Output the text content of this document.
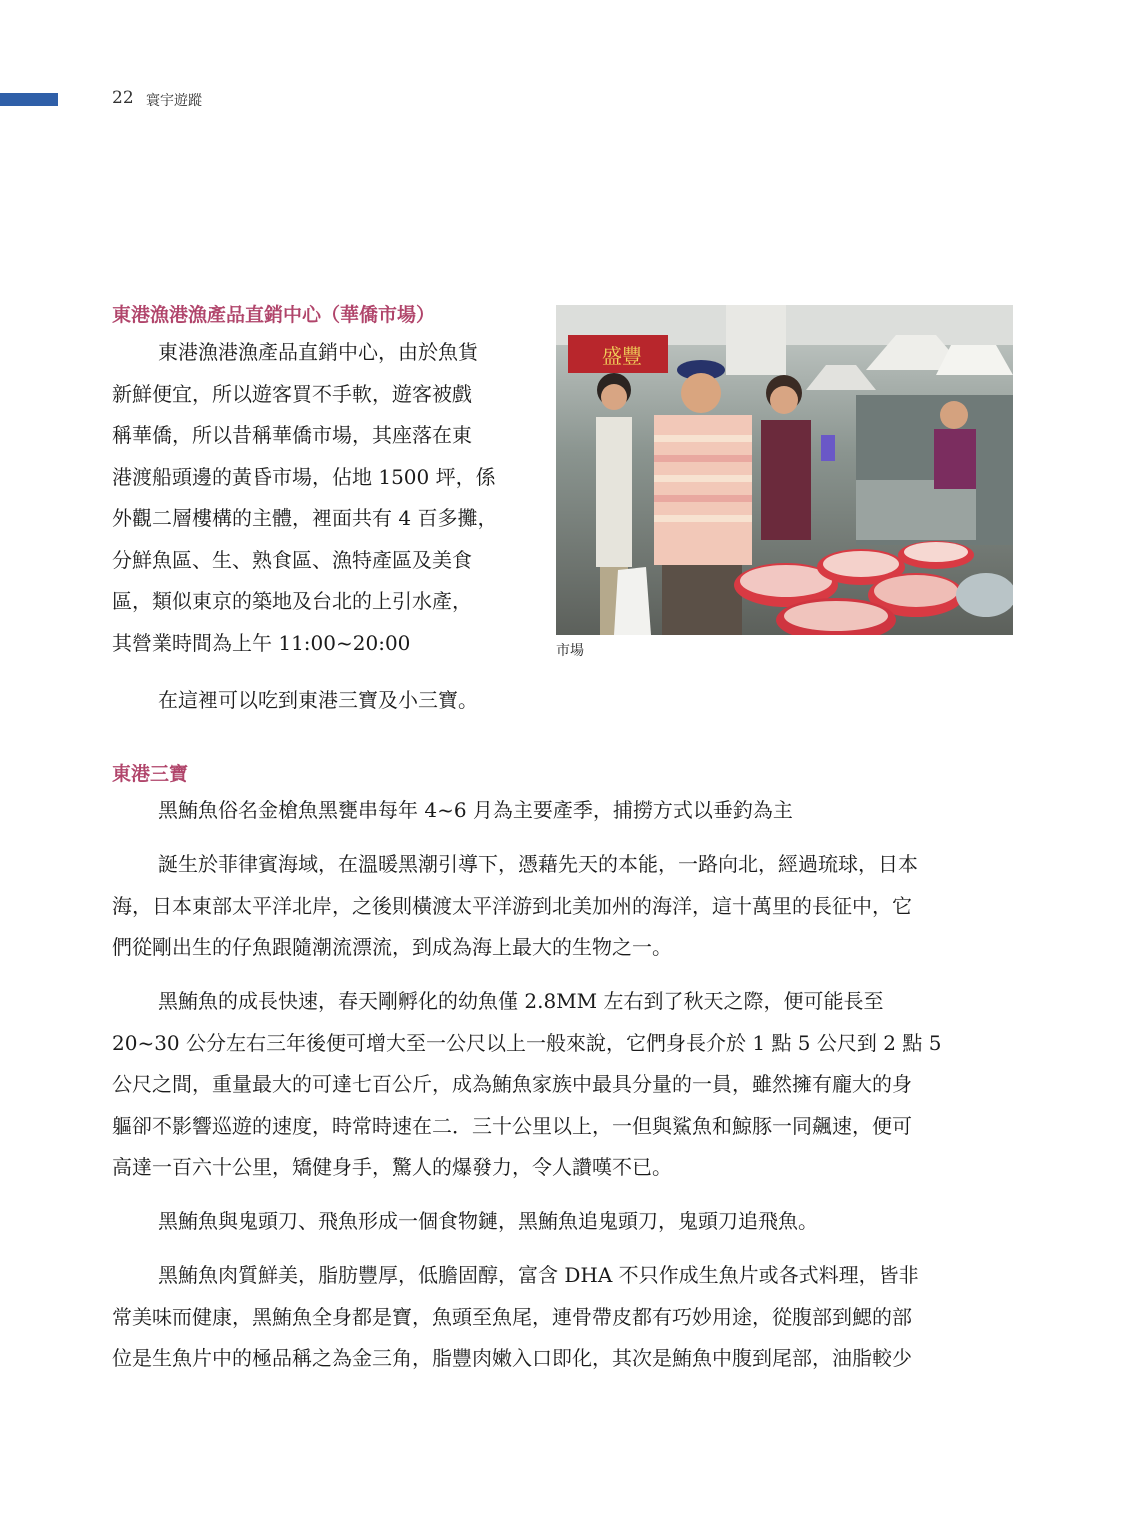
22 寰宇遊蹤
東港漁港漁產品直銷中心（華僑市場）
東港漁港漁產品直銷中心，由於魚貨
新鮮便宜，所以遊客買不手軟，遊客被戲
稱華僑，所以昔稱華僑市場，其座落在東
港渡船頭邊的黃昏市場，佔地 1500 坪，係
外觀二層樓構的主體，裡面共有 4 百多攤，
分鮮魚區、生、熟食區、漁特產區及美食
區，類似東京的築地及台北的上引水產，
其營業時間為上午 11:00~20:00
盛豐
市場

在這裡可以吃到東港三寶及小三寶。

東港三寶

黑鮪魚俗名金槍魚黑甕串每年 4~6 月為主要產季，捕撈方式以垂釣為主

誕生於菲律賓海域，在溫暖黑潮引導下，憑藉先天的本能，一路向北，經過琉球，日本
海，日本東部太平洋北岸，之後則橫渡太平洋游到北美加州的海洋，這十萬里的長征中，它
們從剛出生的仔魚跟隨潮流漂流，到成為海上最大的生物之一。
黑鮪魚的成長快速，春天剛孵化的幼魚僅 2.8MM 左右到了秋天之際，便可能長至
20~30 公分左右三年後便可增大至一公尺以上一般來說，它們身長介於 1 點 5 公尺到 2 點 5
公尺之間，重量最大的可達七百公斤，成為鮪魚家族中最具分量的一員，雖然擁有龐大的身
軀卻不影響巡遊的速度，時常時速在二．三十公里以上，一但與鯊魚和鯨豚一同飆速，便可
高達一百六十公里，矯健身手，驚人的爆發力，令人讚嘆不已。

黑鮪魚與鬼頭刀、飛魚形成一個食物鏈，黑鮪魚追鬼頭刀，鬼頭刀追飛魚。

黑鮪魚肉質鮮美，脂肪豐厚，低膽固醇，富含 DHA 不只作成生魚片或各式料理，皆非
常美味而健康，黑鮪魚全身都是寶，魚頭至魚尾，連骨帶皮都有巧妙用途，從腹部到鰓的部
位是生魚片中的極品稱之為金三角，脂豐肉嫩入口即化，其次是鮪魚中腹到尾部，油脂較少
